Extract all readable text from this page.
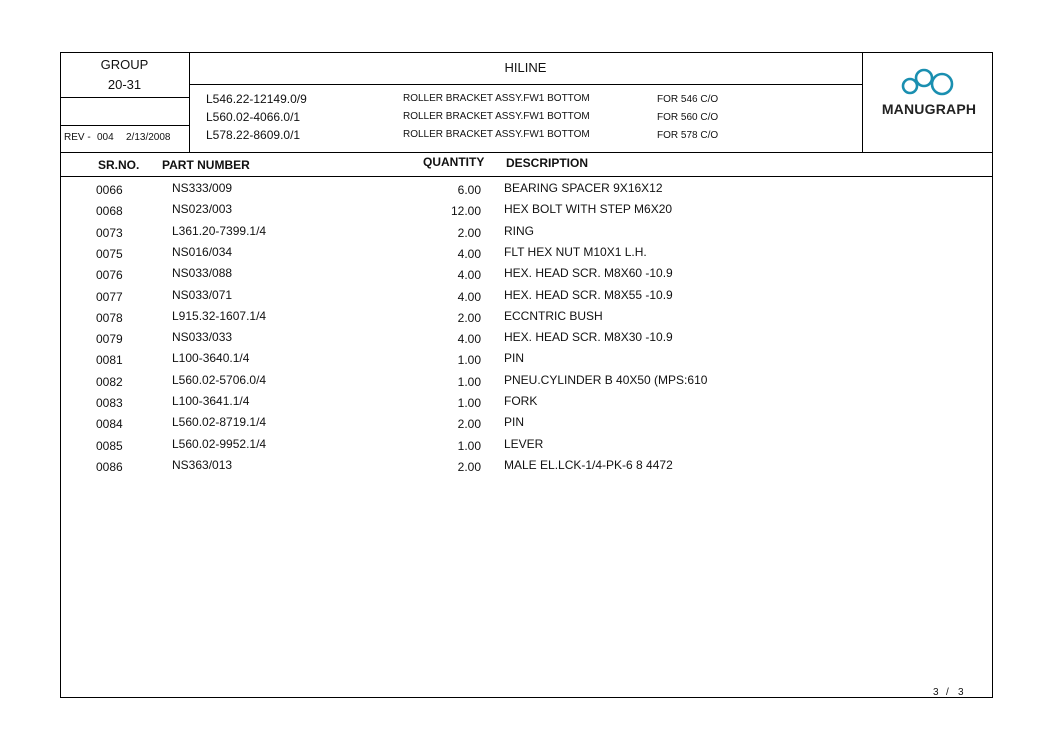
GROUP
20-31
REV - 004 2/13/2008
HILINE
L546.22-12149.0/9	ROLLER BRACKET ASSY.FW1 BOTTOM	FOR 546 C/O
L560.02-4066.0/1	ROLLER BRACKET ASSY.FW1 BOTTOM	FOR 560 C/O
L578.22-8609.0/1	ROLLER BRACKET ASSY.FW1 BOTTOM	FOR 578 C/O
MANUGRAPH
SR.NO. PART NUMBER	QUANTITY DESCRIPTION
0066	NS333/009	6.00 BEARING SPACER 9X16X12
0068	NS023/003	12.00 HEX BOLT WITH STEP M6X20
0073	L361.20-7399.1/4	2.00 RING
0075	NS016/034	4.00 FLT HEX NUT M10X1 L.H.
0076	NS033/088	4.00 HEX. HEAD SCR. M8X60 -10.9
0077	NS033/071	4.00 HEX. HEAD SCR. M8X55 -10.9
0078	L915.32-1607.1/4	2.00 ECCNTRIC BUSH
0079	NS033/033	4.00 HEX. HEAD SCR. M8X30 -10.9
0081	L100-3640.1/4	1.00 PIN
0082	L560.02-5706.0/4	1.00 PNEU.CYLINDER B 40X50 (MPS:610
0083	L100-3641.1/4	1.00 FORK
0084	L560.02-8719.1/4	2.00 PIN
0085	L560.02-9952.1/4	1.00 LEVER
0086	NS363/013	2.00 MALE EL.LCK-1/4-PK-6 8 4472
3 / 3
